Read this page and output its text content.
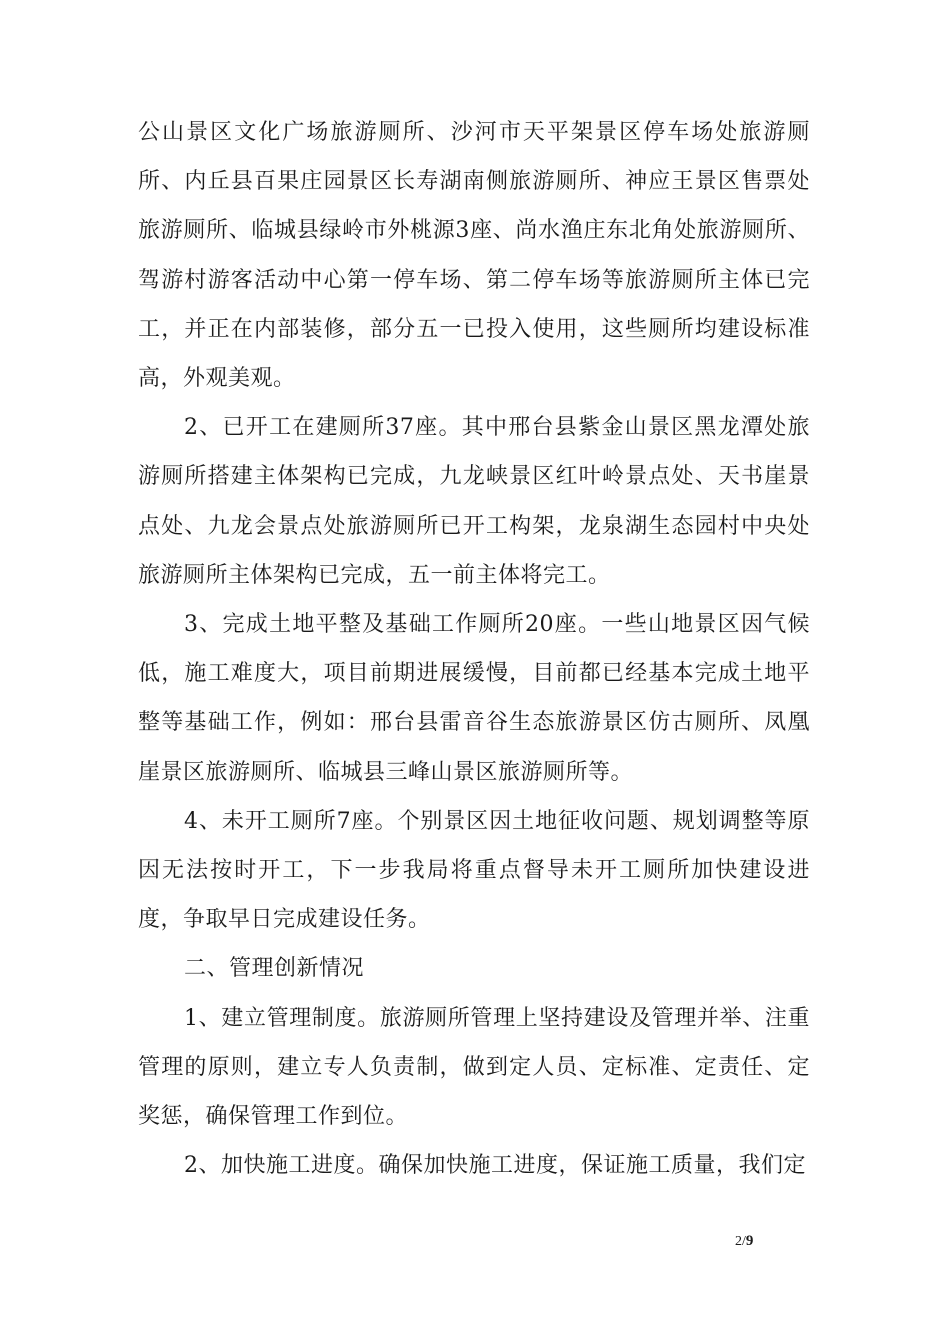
公山景区文化广场旅游厕所、沙河市天平架景区停车场处旅游厕所、内丘县百果庄园景区长寿湖南侧旅游厕所、神应王景区售票处旅游厕所、临城县绿岭市外桃源3座、尚水渔庄东北角处旅游厕所、驾游村游客活动中心第一停车场、第二停车场等旅游厕所主体已完工，并正在内部装修，部分五一已投入使用，这些厕所均建设标准高，外观美观。

2、已开工在建厕所37座。其中邢台县紫金山景区黑龙潭处旅游厕所搭建主体架构已完成，九龙峡景区红叶岭景点处、天书崖景点处、九龙会景点处旅游厕所已开工构架，龙泉湖生态园村中央处旅游厕所主体架构已完成，五一前主体将完工。

3、完成土地平整及基础工作厕所20座。一些山地景区因气候低，施工难度大，项目前期进展缓慢，目前都已经基本完成土地平整等基础工作，例如：邢台县雷音谷生态旅游景区仿古厕所、凤凰崖景区旅游厕所、临城县三峰山景区旅游厕所等。

4、未开工厕所7座。个别景区因土地征收问题、规划调整等原因无法按时开工，下一步我局将重点督导未开工厕所加快建设进度，争取早日完成建设任务。

二、管理创新情况

1、建立管理制度。旅游厕所管理上坚持建设及管理并举、注重管理的原则，建立专人负责制，做到定人员、定标准、定责任、定奖惩，确保管理工作到位。

2、加快施工进度。确保加快施工进度，保证施工质量，我们定

2/9
